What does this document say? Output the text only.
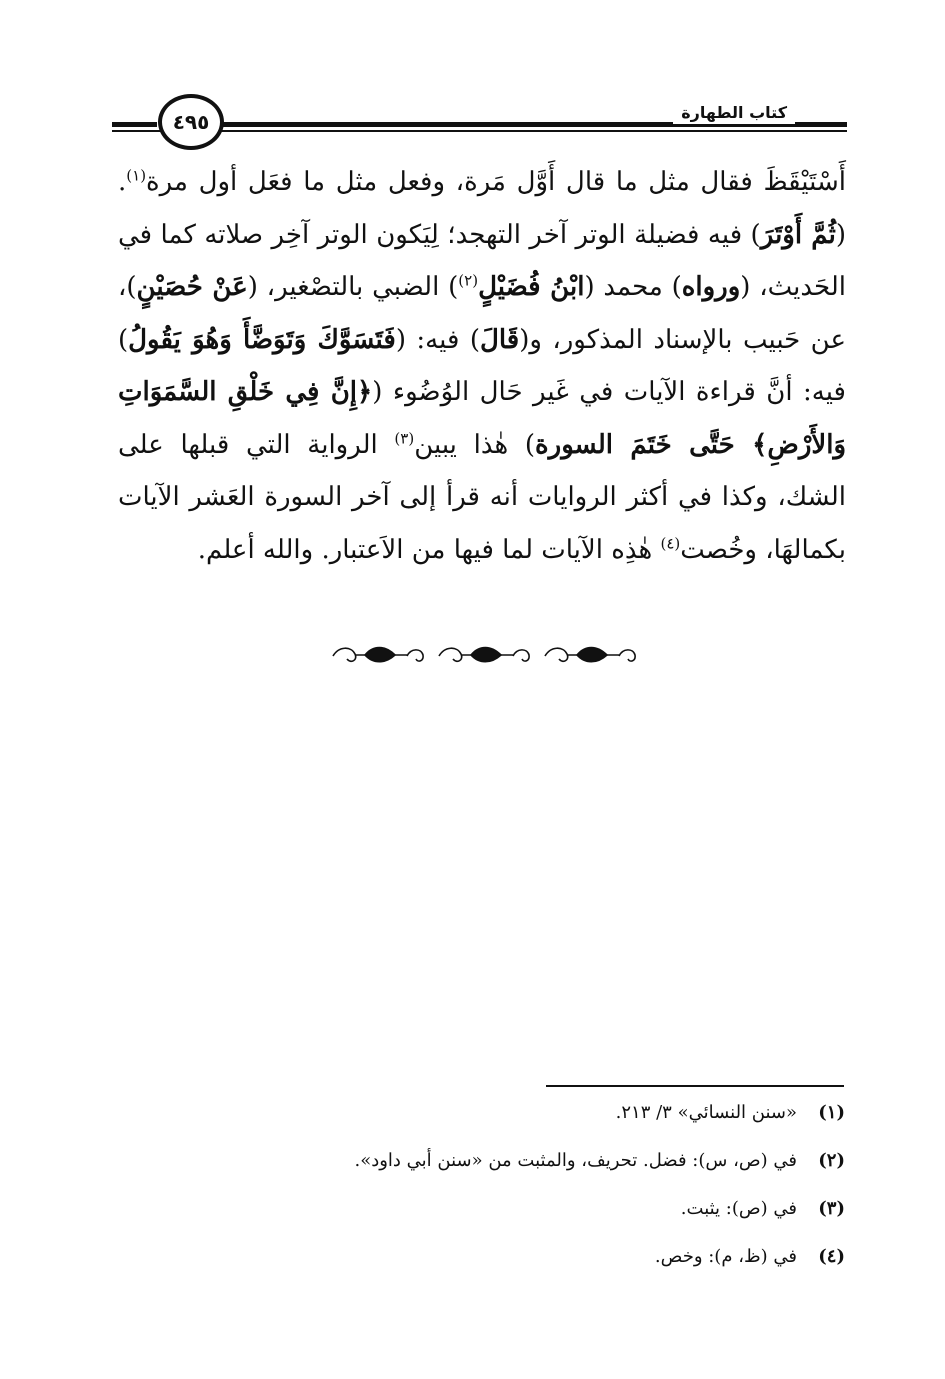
كتاب الطهارة
٤٩٥
أَسْتَيْقَظَ فقال مثل ما قال أَوَّل مَرة، وفعل مثل ما فعَل أول مرة$^{(١)}$. (ثُمَّ أَوْتَرَ) فيه فضيلة الوتر آخر التهجد؛ لِيَكون الوتر آخِر صلاته كما في الحَديث، (ورواه) محمد (ابْنُ فُضَيْلٍ$^{(٢)}$) الضبي بالتصْغير، (عَنْ حُصَيْنٍ)، عن حَبيب بالإسناد المذكور، و(قَالَ) فيه: (فَتَسَوَّكَ وَتَوَضَّأَ وَهُوَ يَقُولُ) فيه: أنَّ قراءة الآيات في غَير حَال الوُضُوء (﴿إِنَّ فِي خَلْقِ السَّمَوَاتِ وَالأَرْضِ﴾ حَتَّى خَتَمَ السورة) هٰذا يبين$^{(٣)}$ الرواية التي قبلها على الشك، وكذا في أكثر الروايات أنه قرأ إلى آخر السورة العَشر الآيات بكمالهَا، وخُصت$^{(٤)}$ هٰذِه الآيات لما فيها من الاَعتبار. والله أعلم.
(١)
«سنن النسائي» ٣/ ٢١٣.
(٢)
في (ص، س): فضل. تحريف، والمثبت من «سنن أبي داود».
(٣)
في (ص): يثبت.
(٤)
في (ظ، م): وخص.
